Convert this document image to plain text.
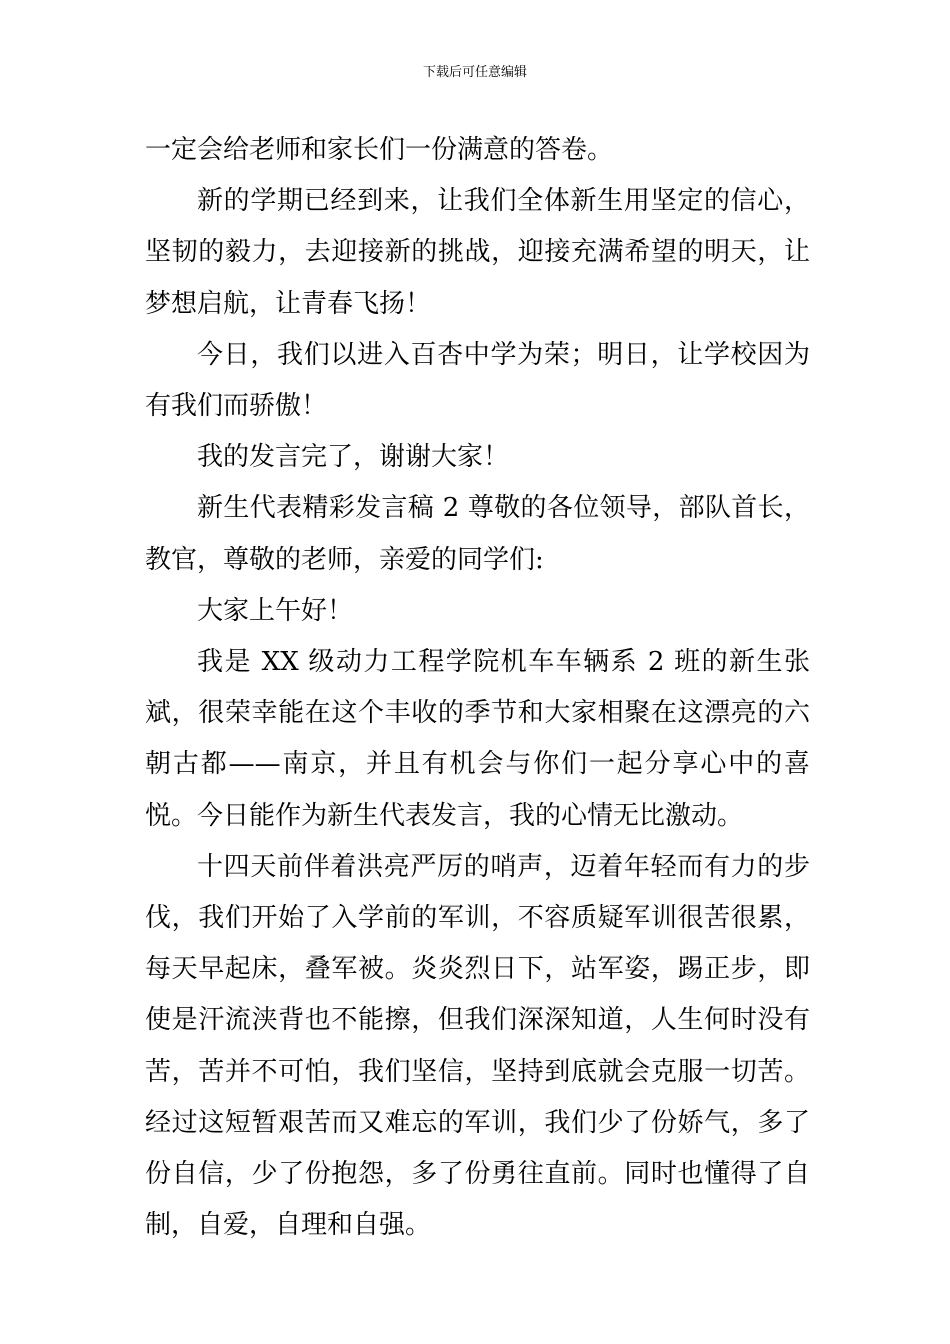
下载后可任意编辑

一定会给老师和家长们一份满意的答卷。

新的学期已经到来，让我们全体新生用坚定的信心，坚韧的毅力，去迎接新的挑战，迎接充满希望的明天，让梦想启航，让青春飞扬！

今日，我们以进入百杏中学为荣；明日，让学校因为有我们而骄傲！

我的发言完了，谢谢大家！

新生代表精彩发言稿 2 尊敬的各位领导，部队首长，教官，尊敬的老师，亲爱的同学们:

大家上午好！

我是 XX 级动力工程学院机车车辆系 2 班的新生张斌，很荣幸能在这个丰收的季节和大家相聚在这漂亮的六朝古都——南京，并且有机会与你们一起分享心中的喜悦。今日能作为新生代表发言，我的心情无比激动。

十四天前伴着洪亮严厉的哨声，迈着年轻而有力的步伐，我们开始了入学前的军训，不容质疑军训很苦很累，每天早起床，叠军被。炎炎烈日下，站军姿，踢正步，即使是汗流浃背也不能擦，但我们深深知道，人生何时没有苦，苦并不可怕，我们坚信，坚持到底就会克服一切苦。经过这短暂艰苦而又难忘的军训，我们少了份娇气，多了份自信，少了份抱怨，多了份勇往直前。同时也懂得了自制，自爱，自理和自强。
